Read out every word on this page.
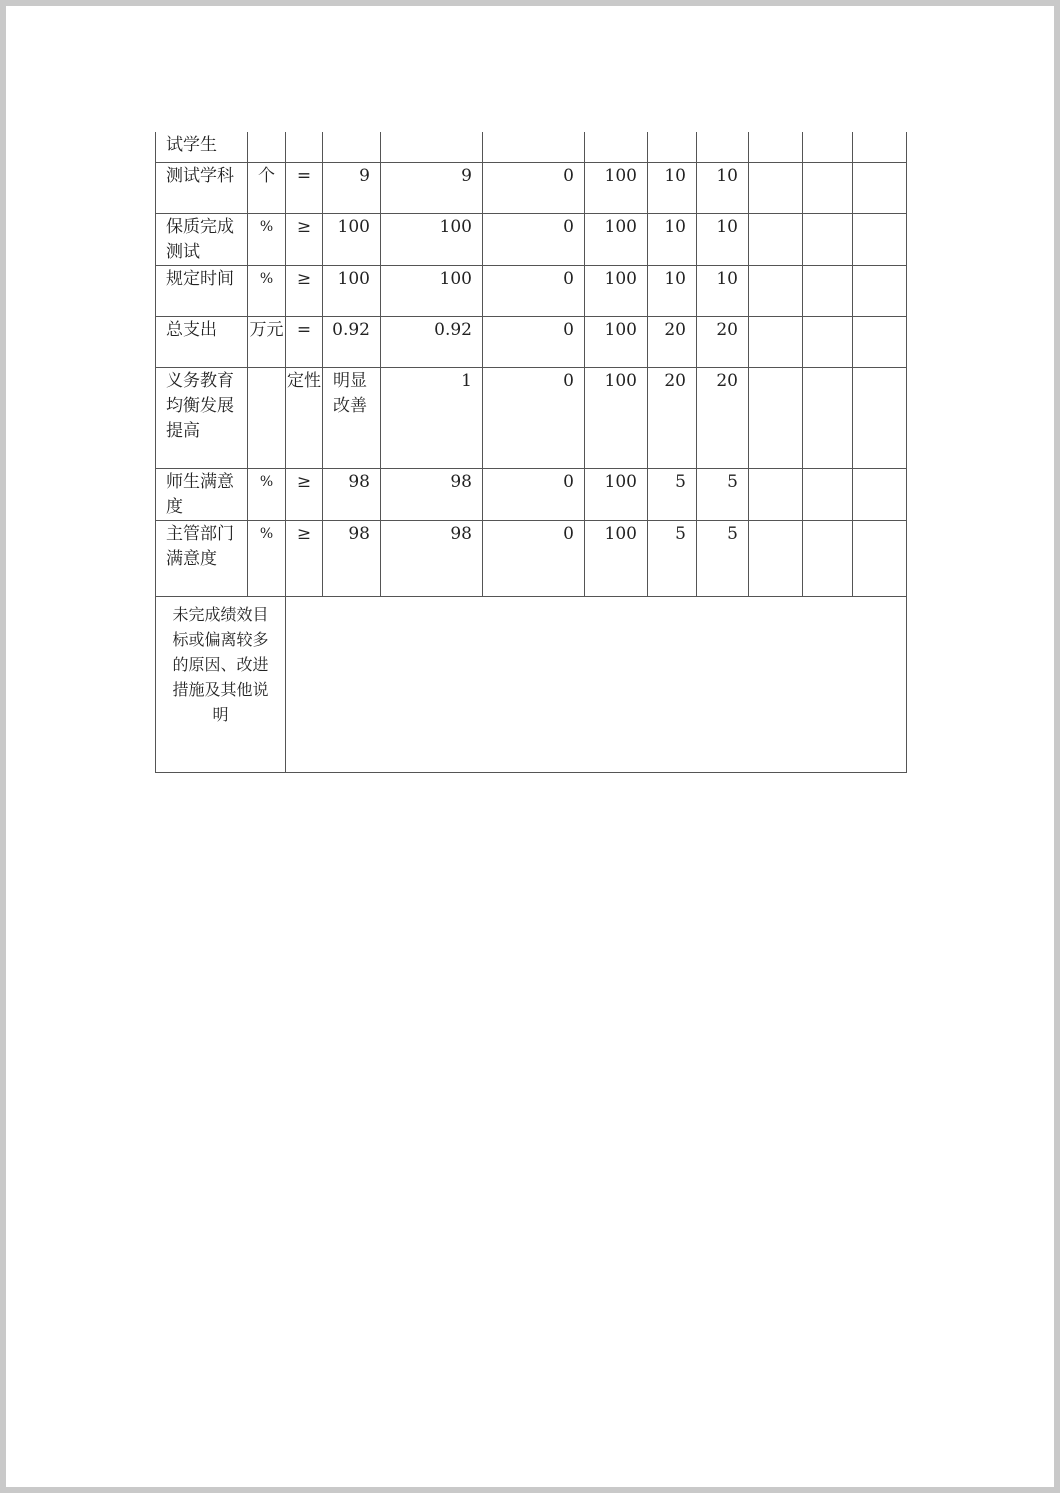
试学生											
测试学科	个	=	9	9	0	100	10	10			
保质完成测试	%	≥	100	100	0	100	10	10			
规定时间	%	≥	100	100	0	100	10	10			
总支出	万元	=	0.92	0.92	0	100	20	20			
义务教育均衡发展提高		定性	明显改善	1	0	100	20	20			
师生满意度	%	≥	98	98	0	100	5	5			
主管部门满意度	%	≥	98	98	0	100	5	5			

未完成绩效目
标或偏离较多
的原因、改进
措施及其他说
明											
